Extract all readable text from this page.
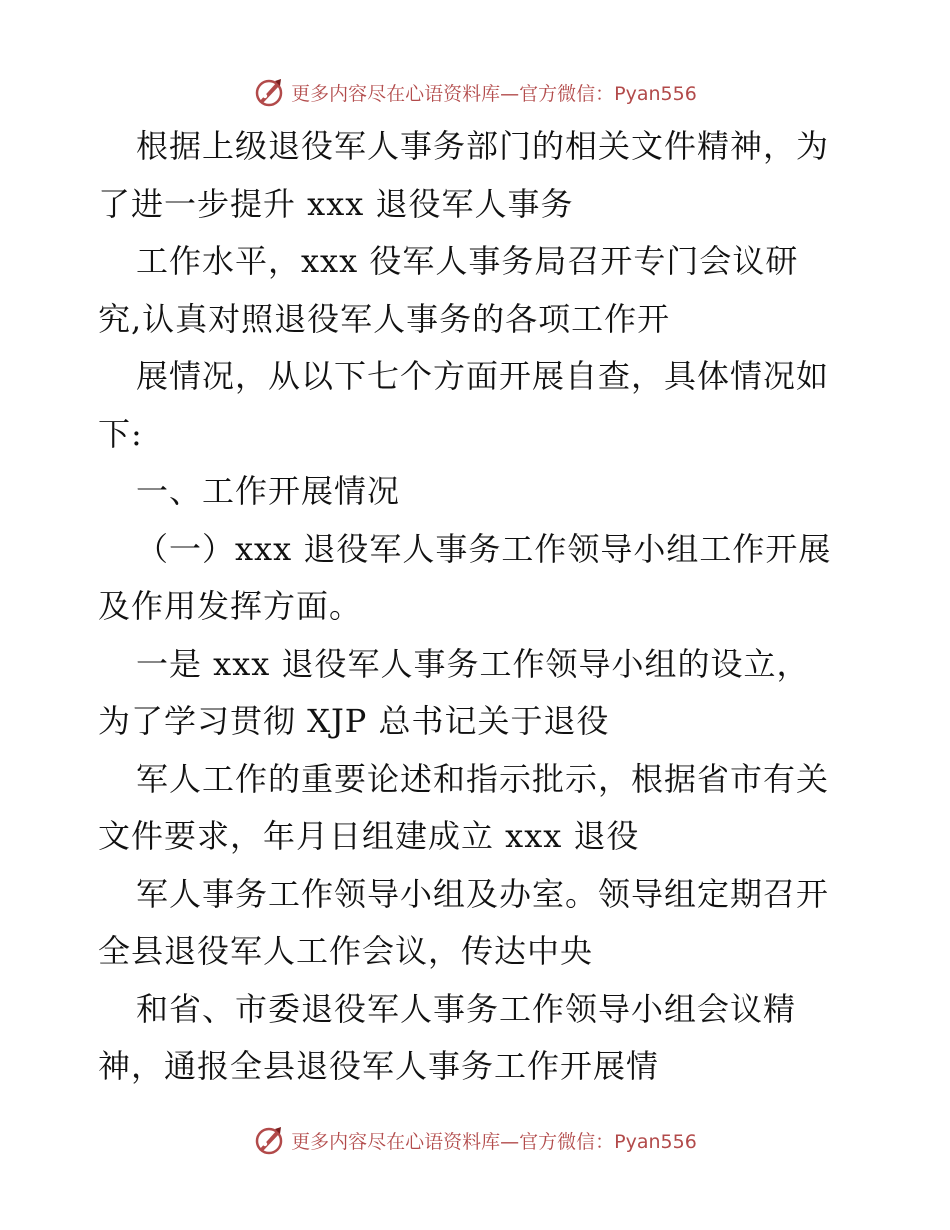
更多内容尽在心语资料库—官方微信：Pyan556
根据上级退役军人事务部门的相关文件精神，为
了进一步提升 xxx 退役军人事务
工作水平，xxx 役军人事务局召开专门会议研
究,认真对照退役军人事务的各项工作开
展情况，从以下七个方面开展自查，具体情况如
下:
一、工作开展情况
（一）xxx 退役军人事务工作领导小组工作开展
及作用发挥方面。
一是 xxx 退役军人事务工作领导小组的设立，
为了学习贯彻 XJP 总书记关于退役
军人工作的重要论述和指示批示，根据省市有关
文件要求，年月日组建成立 xxx 退役
军人事务工作领导小组及办室。领导组定期召开
全县退役军人工作会议，传达中央
和省、市委退役军人事务工作领导小组会议精
神，通报全县退役军人事务工作开展情
更多内容尽在心语资料库—官方微信：Pyan556
